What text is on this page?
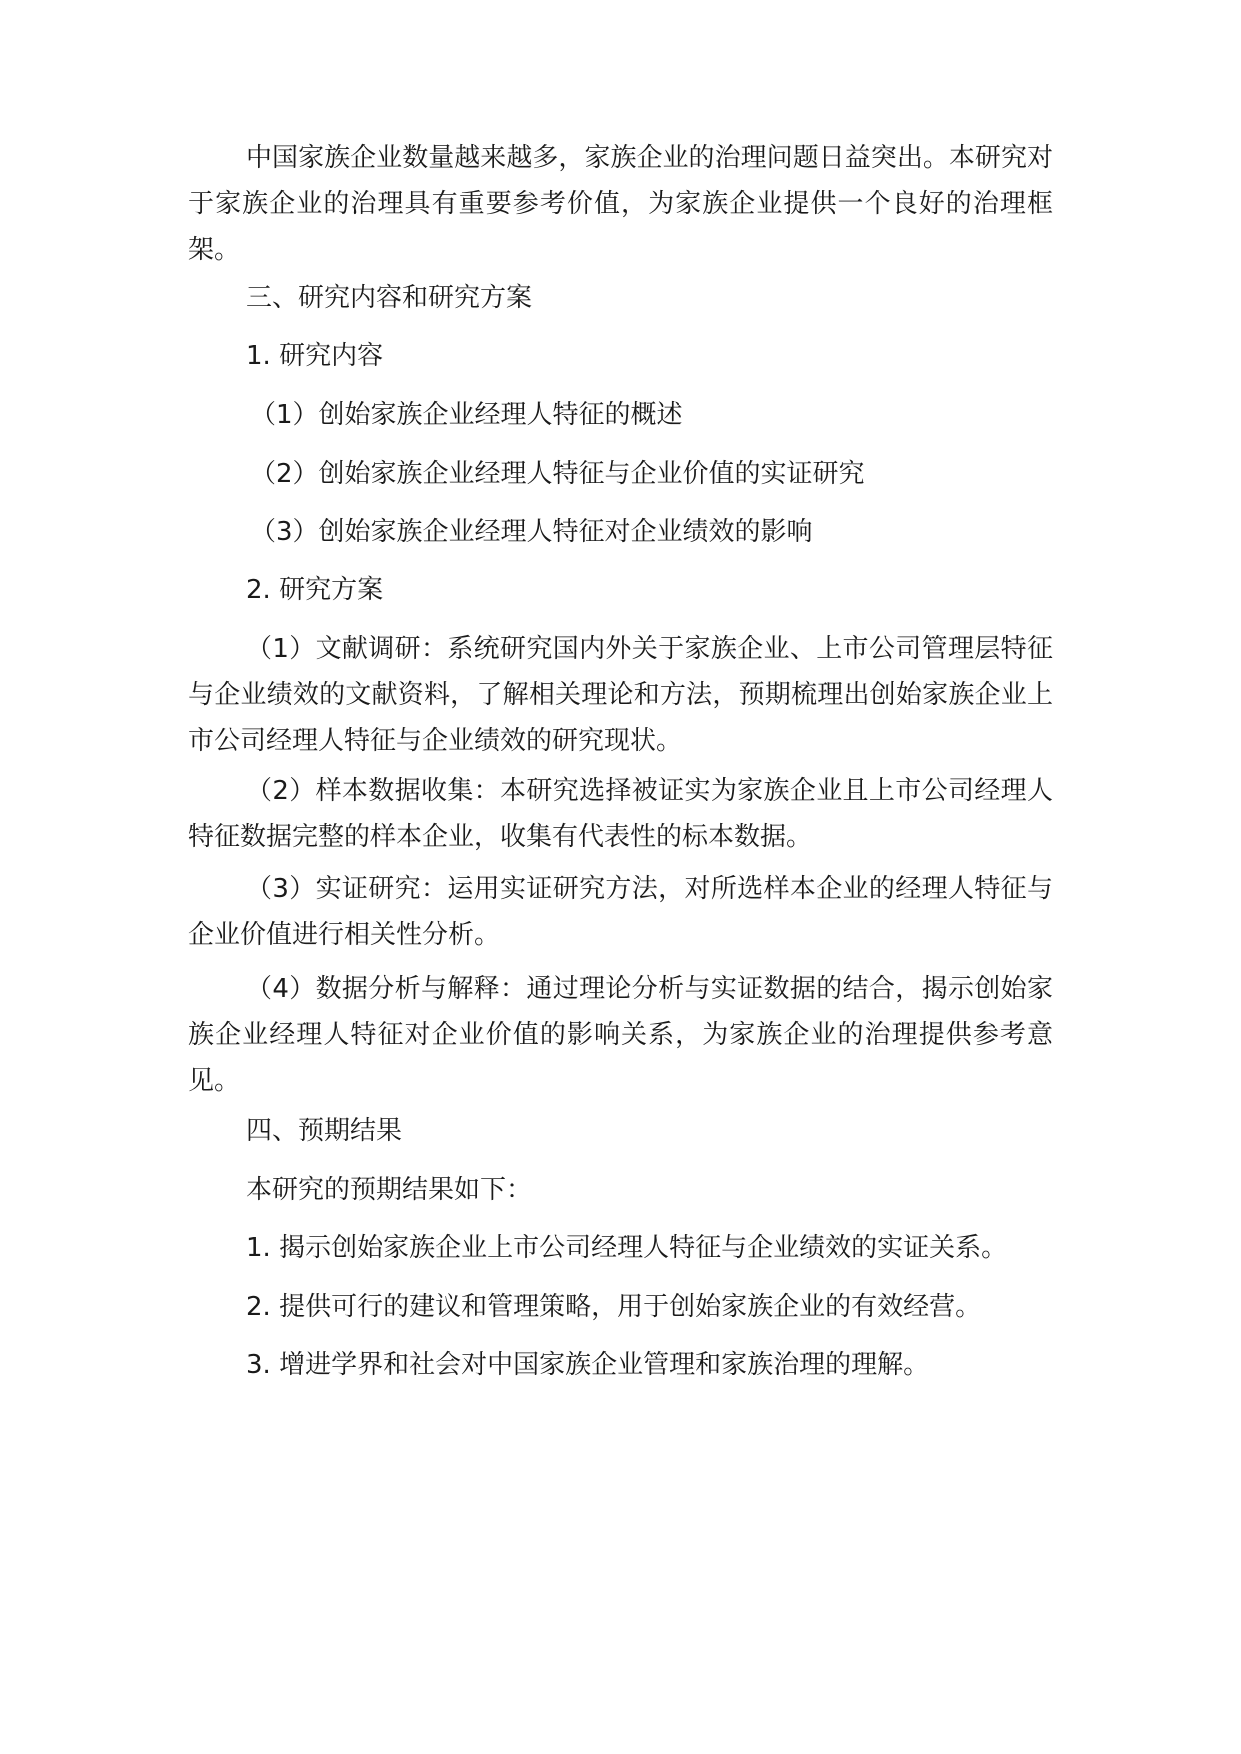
中国家族企业数量越来越多，家族企业的治理问题日益突出。本研究对于家族企业的治理具有重要参考价值，为家族企业提供一个良好的治理框架。

三、研究内容和研究方案

1. 研究内容

（1）创始家族企业经理人特征的概述

（2）创始家族企业经理人特征与企业价值的实证研究

（3）创始家族企业经理人特征对企业绩效的影响

2. 研究方案

（1）文献调研：系统研究国内外关于家族企业、上市公司管理层特征与企业绩效的文献资料，了解相关理论和方法，预期梳理出创始家族企业上市公司经理人特征与企业绩效的研究现状。

（2）样本数据收集：本研究选择被证实为家族企业且上市公司经理人特征数据完整的样本企业，收集有代表性的标本数据。

（3）实证研究：运用实证研究方法，对所选样本企业的经理人特征与企业价值进行相关性分析。

（4）数据分析与解释：通过理论分析与实证数据的结合，揭示创始家族企业经理人特征对企业价值的影响关系，为家族企业的治理提供参考意见。

四、预期结果

本研究的预期结果如下：

1. 揭示创始家族企业上市公司经理人特征与企业绩效的实证关系。

2. 提供可行的建议和管理策略，用于创始家族企业的有效经营。

3. 增进学界和社会对中国家族企业管理和家族治理的理解。
